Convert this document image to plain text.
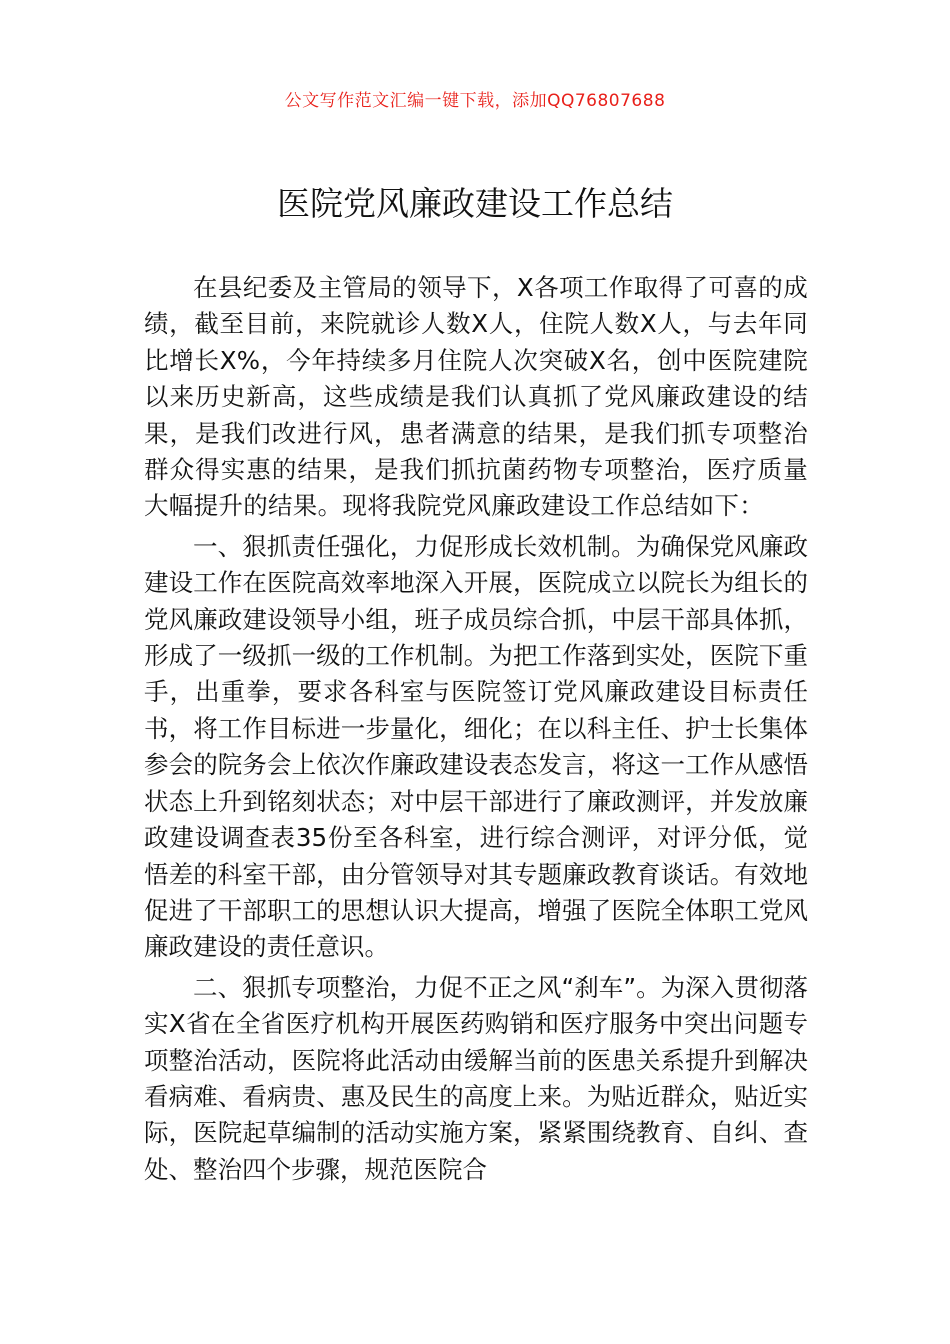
公文写作范文汇编一键下载，添加QQ76807688
医院党风廉政建设工作总结

在县纪委及主管局的领导下，X各项工作取得了可喜的成绩，截至目前，来院就诊人数X人，住院人数X人，与去年同比增长X%，今年持续多月住院人次突破X名，创中医院建院以来历史新高，这些成绩是我们认真抓了党风廉政建设的结果，是我们改进行风，患者满意的结果，是我们抓专项整治群众得实惠的结果，是我们抓抗菌药物专项整治，医疗质量大幅提升的结果。现将我院党风廉政建设工作总结如下：

一、狠抓责任强化，力促形成长效机制。为确保党风廉政建设工作在医院高效率地深入开展，医院成立以院长为组长的党风廉政建设领导小组，班子成员综合抓，中层干部具体抓，形成了一级抓一级的工作机制。为把工作落到实处，医院下重手，出重拳，要求各科室与医院签订党风廉政建设目标责任书，将工作目标进一步量化，细化；在以科主任、护士长集体参会的院务会上依次作廉政建设表态发言，将这一工作从感悟状态上升到铭刻状态；对中层干部进行了廉政测评，并发放廉政建设调查表35份至各科室，进行综合测评，对评分低，觉悟差的科室干部，由分管领导对其专题廉政教育谈话。有效地促进了干部职工的思想认识大提高，增强了医院全体职工党风廉政建设的责任意识。

二、狠抓专项整治，力促不正之风“刹车”。为深入贯彻落实X省在全省医疗机构开展医药购销和医疗服务中突出问题专项整治活动，医院将此活动由缓解当前的医患关系提升到解决看病难、看病贵、惠及民生的高度上来。为贴近群众，贴近实际，医院起草编制的活动实施方案，紧紧围绕教育、自纠、查处、整治四个步骤，规范医院合
